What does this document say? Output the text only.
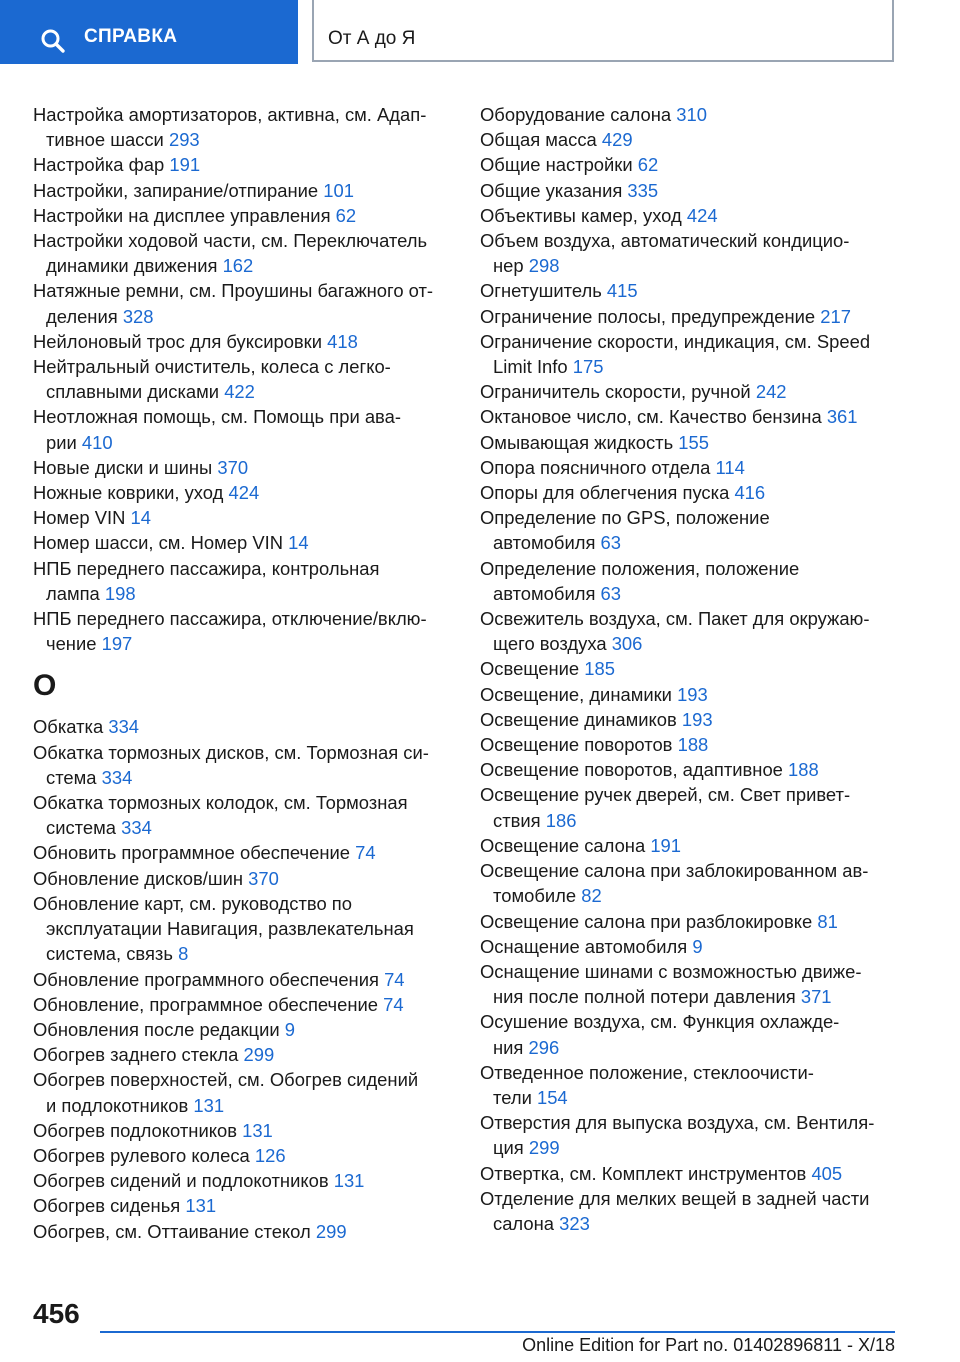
СПРАВКА	От А до Я
Настройка амортизаторов, активна, см. Адап-
тивное шасси 293
Настройка фар 191
Настройки, запирание/отпирание 101
Настройки на дисплее управления 62
Настройки ходовой части, см. Переключатель
динамики движения 162
Натяжные ремни, см. Проушины багажного от-
деления 328
Нейлоновый трос для буксировки 418
Нейтральный очиститель, колеса с легко-
сплавными дисками 422
Неотложная помощь, см. Помощь при ава-
рии 410
Новые диски и шины 370
Ножные коврики, уход 424
Номер VIN 14
Номер шасси, см. Номер VIN 14
НПБ переднего пассажира, контрольная
лампа 198
НПБ переднего пассажира, отключение/вклю-
чение 197
О
Обкатка 334
Обкатка тормозных дисков, см. Тормозная си-
стема 334
Обкатка тормозных колодок, см. Тормозная
система 334
Обновить программное обеспечение 74
Обновление дисков/шин 370
Обновление карт, см. руководство по
эксплуатации Навигация, развлекательная
система, связь 8
Обновление программного обеспечения 74
Обновление, программное обеспечение 74
Обновления после редакции 9
Обогрев заднего стекла 299
Обогрев поверхностей, см. Обогрев сидений
и подлокотников 131
Обогрев подлокотников 131
Обогрев рулевого колеса 126
Обогрев сидений и подлокотников 131
Обогрев сиденья 131
Обогрев, см. Оттаивание стекол 299
Оборудование салона 310
Общая масса 429
Общие настройки 62
Общие указания 335
Объективы камер, уход 424
Объем воздуха, автоматический кондицио-
нер 298
Огнетушитель 415
Ограничение полосы, предупреждение 217
Ограничение скорости, индикация, см. Speed
Limit Info 175
Ограничитель скорости, ручной 242
Октановое число, см. Качество бензина 361
Омывающая жидкость 155
Опора поясничного отдела 114
Опоры для облегчения пуска 416
Определение по GPS, положение
автомобиля 63
Определение положения, положение
автомобиля 63
Освежитель воздуха, см. Пакет для окружаю-
щего воздуха 306
Освещение 185
Освещение, динамики 193
Освещение динамиков 193
Освещение поворотов 188
Освещение поворотов, адаптивное 188
Освещение ручек дверей, см. Свет привет-
ствия 186
Освещение салона 191
Освещение салона при заблокированном ав-
томобиле 82
Освещение салона при разблокировке 81
Оснащение автомобиля 9
Оснащение шинами с возможностью движе-
ния после полной потери давления 371
Осушение воздуха, см. Функция охлажде-
ния 296
Отведенное положение, стеклоочисти-
тели 154
Отверстия для выпуска воздуха, см. Вентиля-
ция 299
Отвертка, см. Комплект инструментов 405
Отделение для мелких вещей в задней части
салона 323
456
Online Edition for Part no. 01402896811 - X/18
